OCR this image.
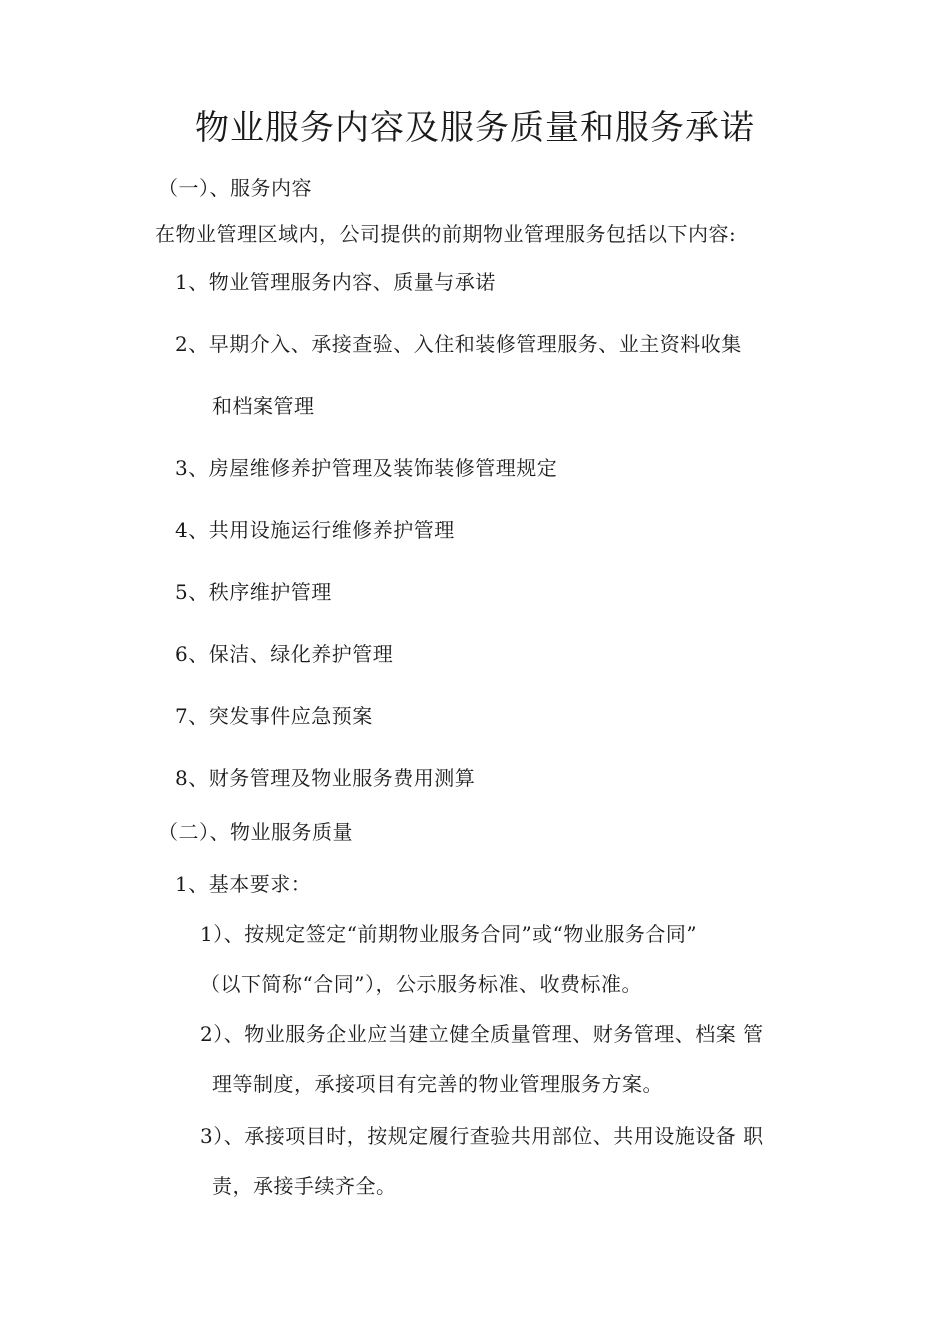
物业服务内容及服务质量和服务承诺
（一）、服务内容
在物业管理区域内，公司提供的前期物业管理服务包括以下内容:
1、物业管理服务内容、质量与承诺
2、早期介入、承接查验、入住和装修管理服务、业主资料收集
和档案管理
3、房屋维修养护管理及装饰装修管理规定
4、共用设施运行维修养护管理
5、秩序维护管理
6、保洁、绿化养护管理
7、突发事件应急预案
8、财务管理及物业服务费用测算
（二）、物业服务质量
1、基本要求：
1）、按规定签定“前期物业服务合同”或“物业服务合同”
（以下简称“合同”），公示服务标准、收费标准。
2）、物业服务企业应当建立健全质量管理、财务管理、档案 管
理等制度，承接项目有完善的物业管理服务方案。
3）、承接项目时，按规定履行查验共用部位、共用设施设备 职
责，承接手续齐全。
